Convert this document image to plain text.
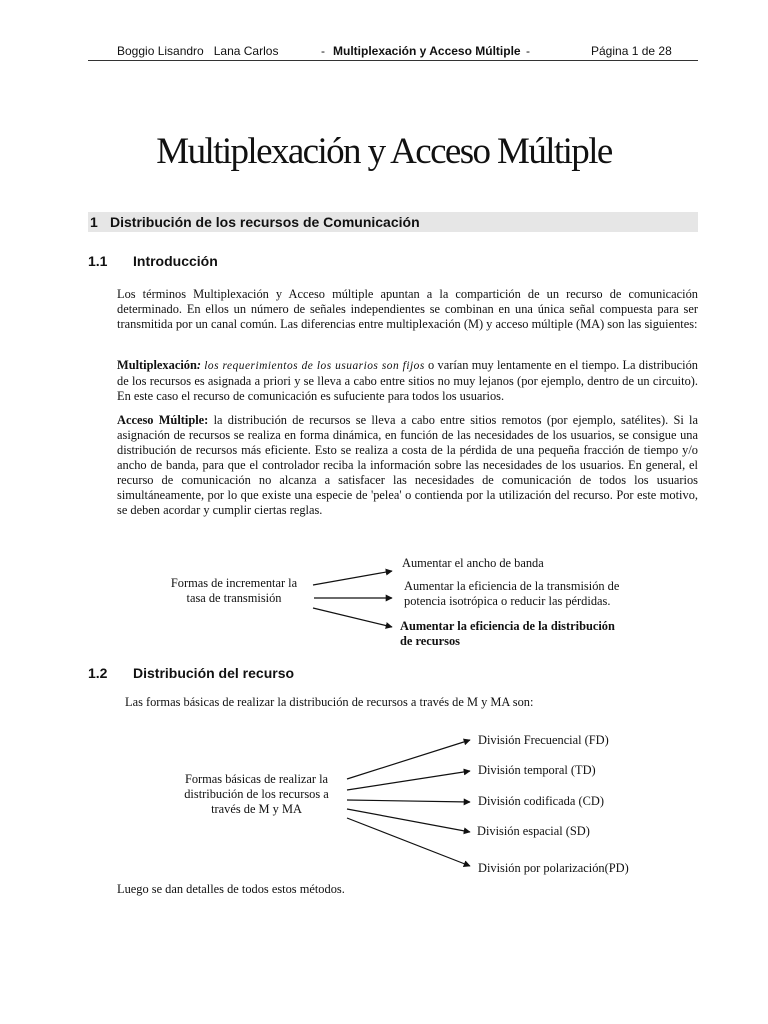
Boggio Lisandro   Lana Carlos	- Multiplexación y Acceso Múltiple -	Página 1 de 28
Multiplexación y Acceso Múltiple
1 Distribución de los recursos de Comunicación
1.1 Introducción

Los términos Multiplexación y Acceso múltiple apuntan a la compartición de un recurso de comunicación determinado. En ellos un número de señales independientes se combinan en una única señal compuesta para ser transmitida por un canal común. Las diferencias entre multiplexación (M) y acceso múltiple (MA) son las siguientes:

Multiplexación: los requerimientos de los usuarios son fijos o varían muy lentamente en el tiempo. La distribución de los recursos es asignada a priori y se lleva a cabo entre sitios no muy lejanos (por ejemplo, dentro de un circuito). En este caso el recurso de comunicación es sufuciente para todos los usuarios.

Acceso Múltiple: la distribución de recursos se lleva a cabo entre sitios remotos (por ejemplo, satélites). Si la asignación de recursos se realiza en forma dinámica, en función de las necesidades de los usuarios, se consigue una distribución de recursos más eficiente. Esto se realiza a costa de la pérdida de una pequeña fracción de tiempo y/o ancho de banda, para que el controlador reciba la información sobre las necesidades de los usuarios. En general, el recurso de comunicación no alcanza a satisfacer las necesidades de comunicación de todos los usuarios simultáneamente, por lo que existe una especie de 'pelea' o contienda por la utilización del recurso. Por este motivo, se deben acordar y cumplir ciertas reglas.

Formas de incrementar la
tasa de transmisión
Aumentar el ancho de banda
Aumentar la eficiencia de la transmisión de
potencia isotrópica o reducir las pérdidas.
Aumentar la eficiencia de la distribución
de recursos
1.2 Distribución del recurso
Las formas básicas de realizar la distribución de recursos a través de M y MA son:
Formas básicas de realizar la
distribución de los recursos a
través de M y MA
División Frecuencial (FD)
División temporal (TD)
División codificada (CD)
División espacial (SD)
División por polarización(PD)
Luego se dan detalles de todos estos métodos.
